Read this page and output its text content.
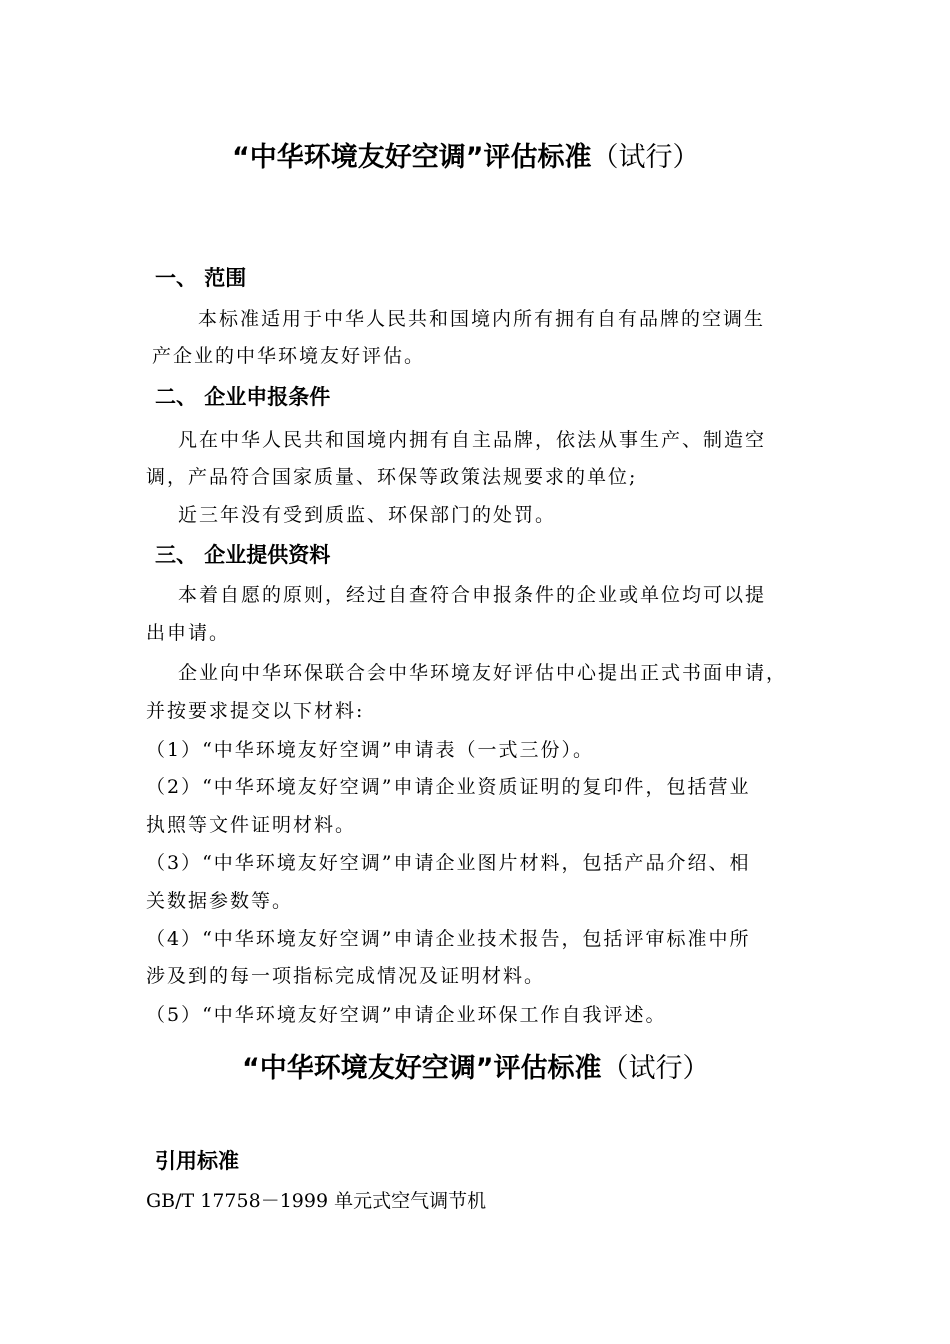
“中华环境友好空调”评估标准（试行）
一、 范围
本标准适用于中华人民共和国境内所有拥有自有品牌的空调生
产企业的中华环境友好评估。
二、 企业申报条件
凡在中华人民共和国境内拥有自主品牌，依法从事生产、制造空
调，产品符合国家质量、环保等政策法规要求的单位;
近三年没有受到质监、环保部门的处罚。
三、 企业提供资料
本着自愿的原则，经过自查符合申报条件的企业或单位均可以提
出申请。
企业向中华环保联合会中华环境友好评估中心提出正式书面申请，
并按要求提交以下材料:
（1）“中华环境友好空调”申请表（一式三份）。
（2）“中华环境友好空调”申请企业资质证明的复印件，包括营业
执照等文件证明材料。
（3）“中华环境友好空调”申请企业图片材料，包括产品介绍、相
关数据参数等。
（4）“中华环境友好空调”申请企业技术报告，包括评审标准中所
涉及到的每一项指标完成情况及证明材料。
（5）“中华环境友好空调”申请企业环保工作自我评述。
“中华环境友好空调”评估标准（试行）
引用标准
GB/T 17758－1999 单元式空气调节机
